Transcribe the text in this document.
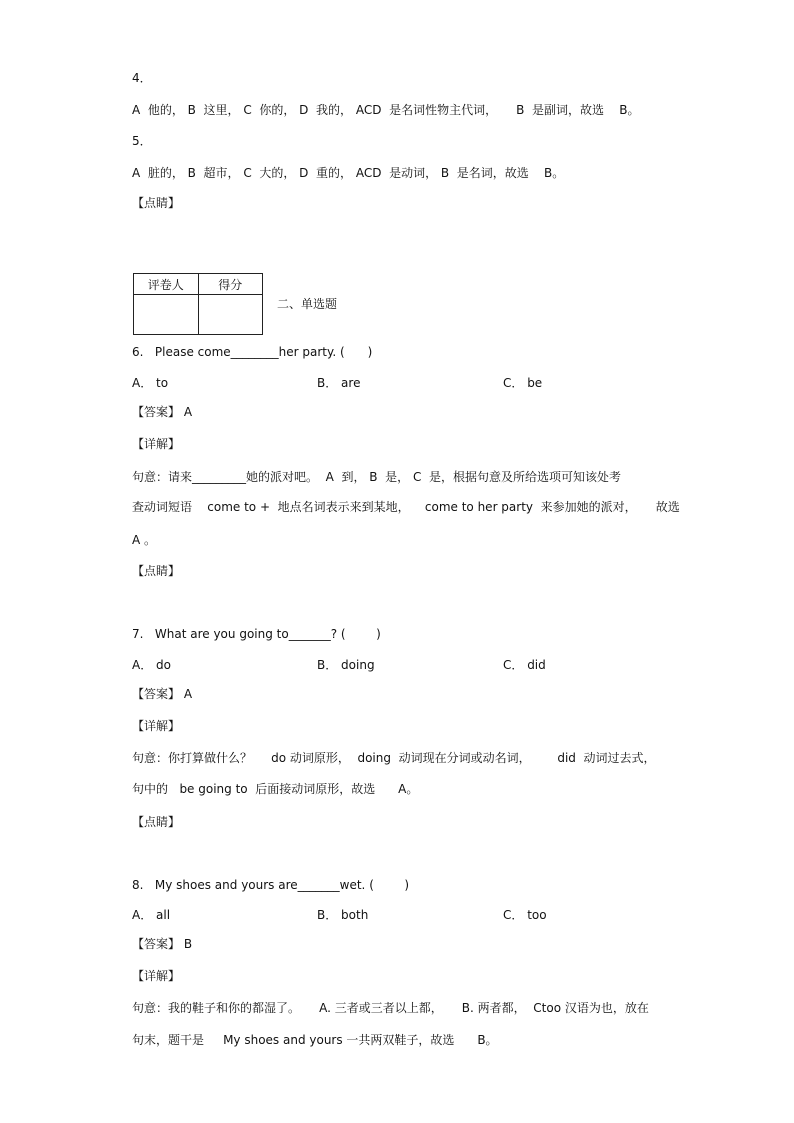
4．
A  他的， B  这里， C  你的， D  我的， ACD  是名词性物主代词，     B  是副词，故选    B。
5．
A  脏的， B  超市， C  大的， D  重的， ACD  是动词， B  是名词，故选    B。
【点睛】
评卷人	得分

二、单选题
6.   Please come________her party. (      )
A． to	B． are	C． be
【答案】 A
【详解】
句意：请来_________她的派对吧。  A  到， B  是， C  是，根据句意及所给选项可知该处考
查动词短语    come to +  地点名词表示来到某地，    come to her party  来参加她的派对，     故选
A 。
【点睛】
7.   What are you going to_______? (        )
A． do	B． doing	C． did
【答案】 A
【详解】
句意：你打算做什么？     do 动词原形，  doing  动词现在分词或动名词，       did  动词过去式，
句中的   be going to  后面接动词原形，故选      A。
【点睛】
8.   My shoes and yours are_______wet. (        )
A． all	B． both	C． too
【答案】 B
【详解】
句意：我的鞋子和你的都湿了。     A. 三者或三者以上都，     B. 两者都，  Ctoo 汉语为也，放在
句末，题干是     My shoes and yours 一共两双鞋子，故选      B。
